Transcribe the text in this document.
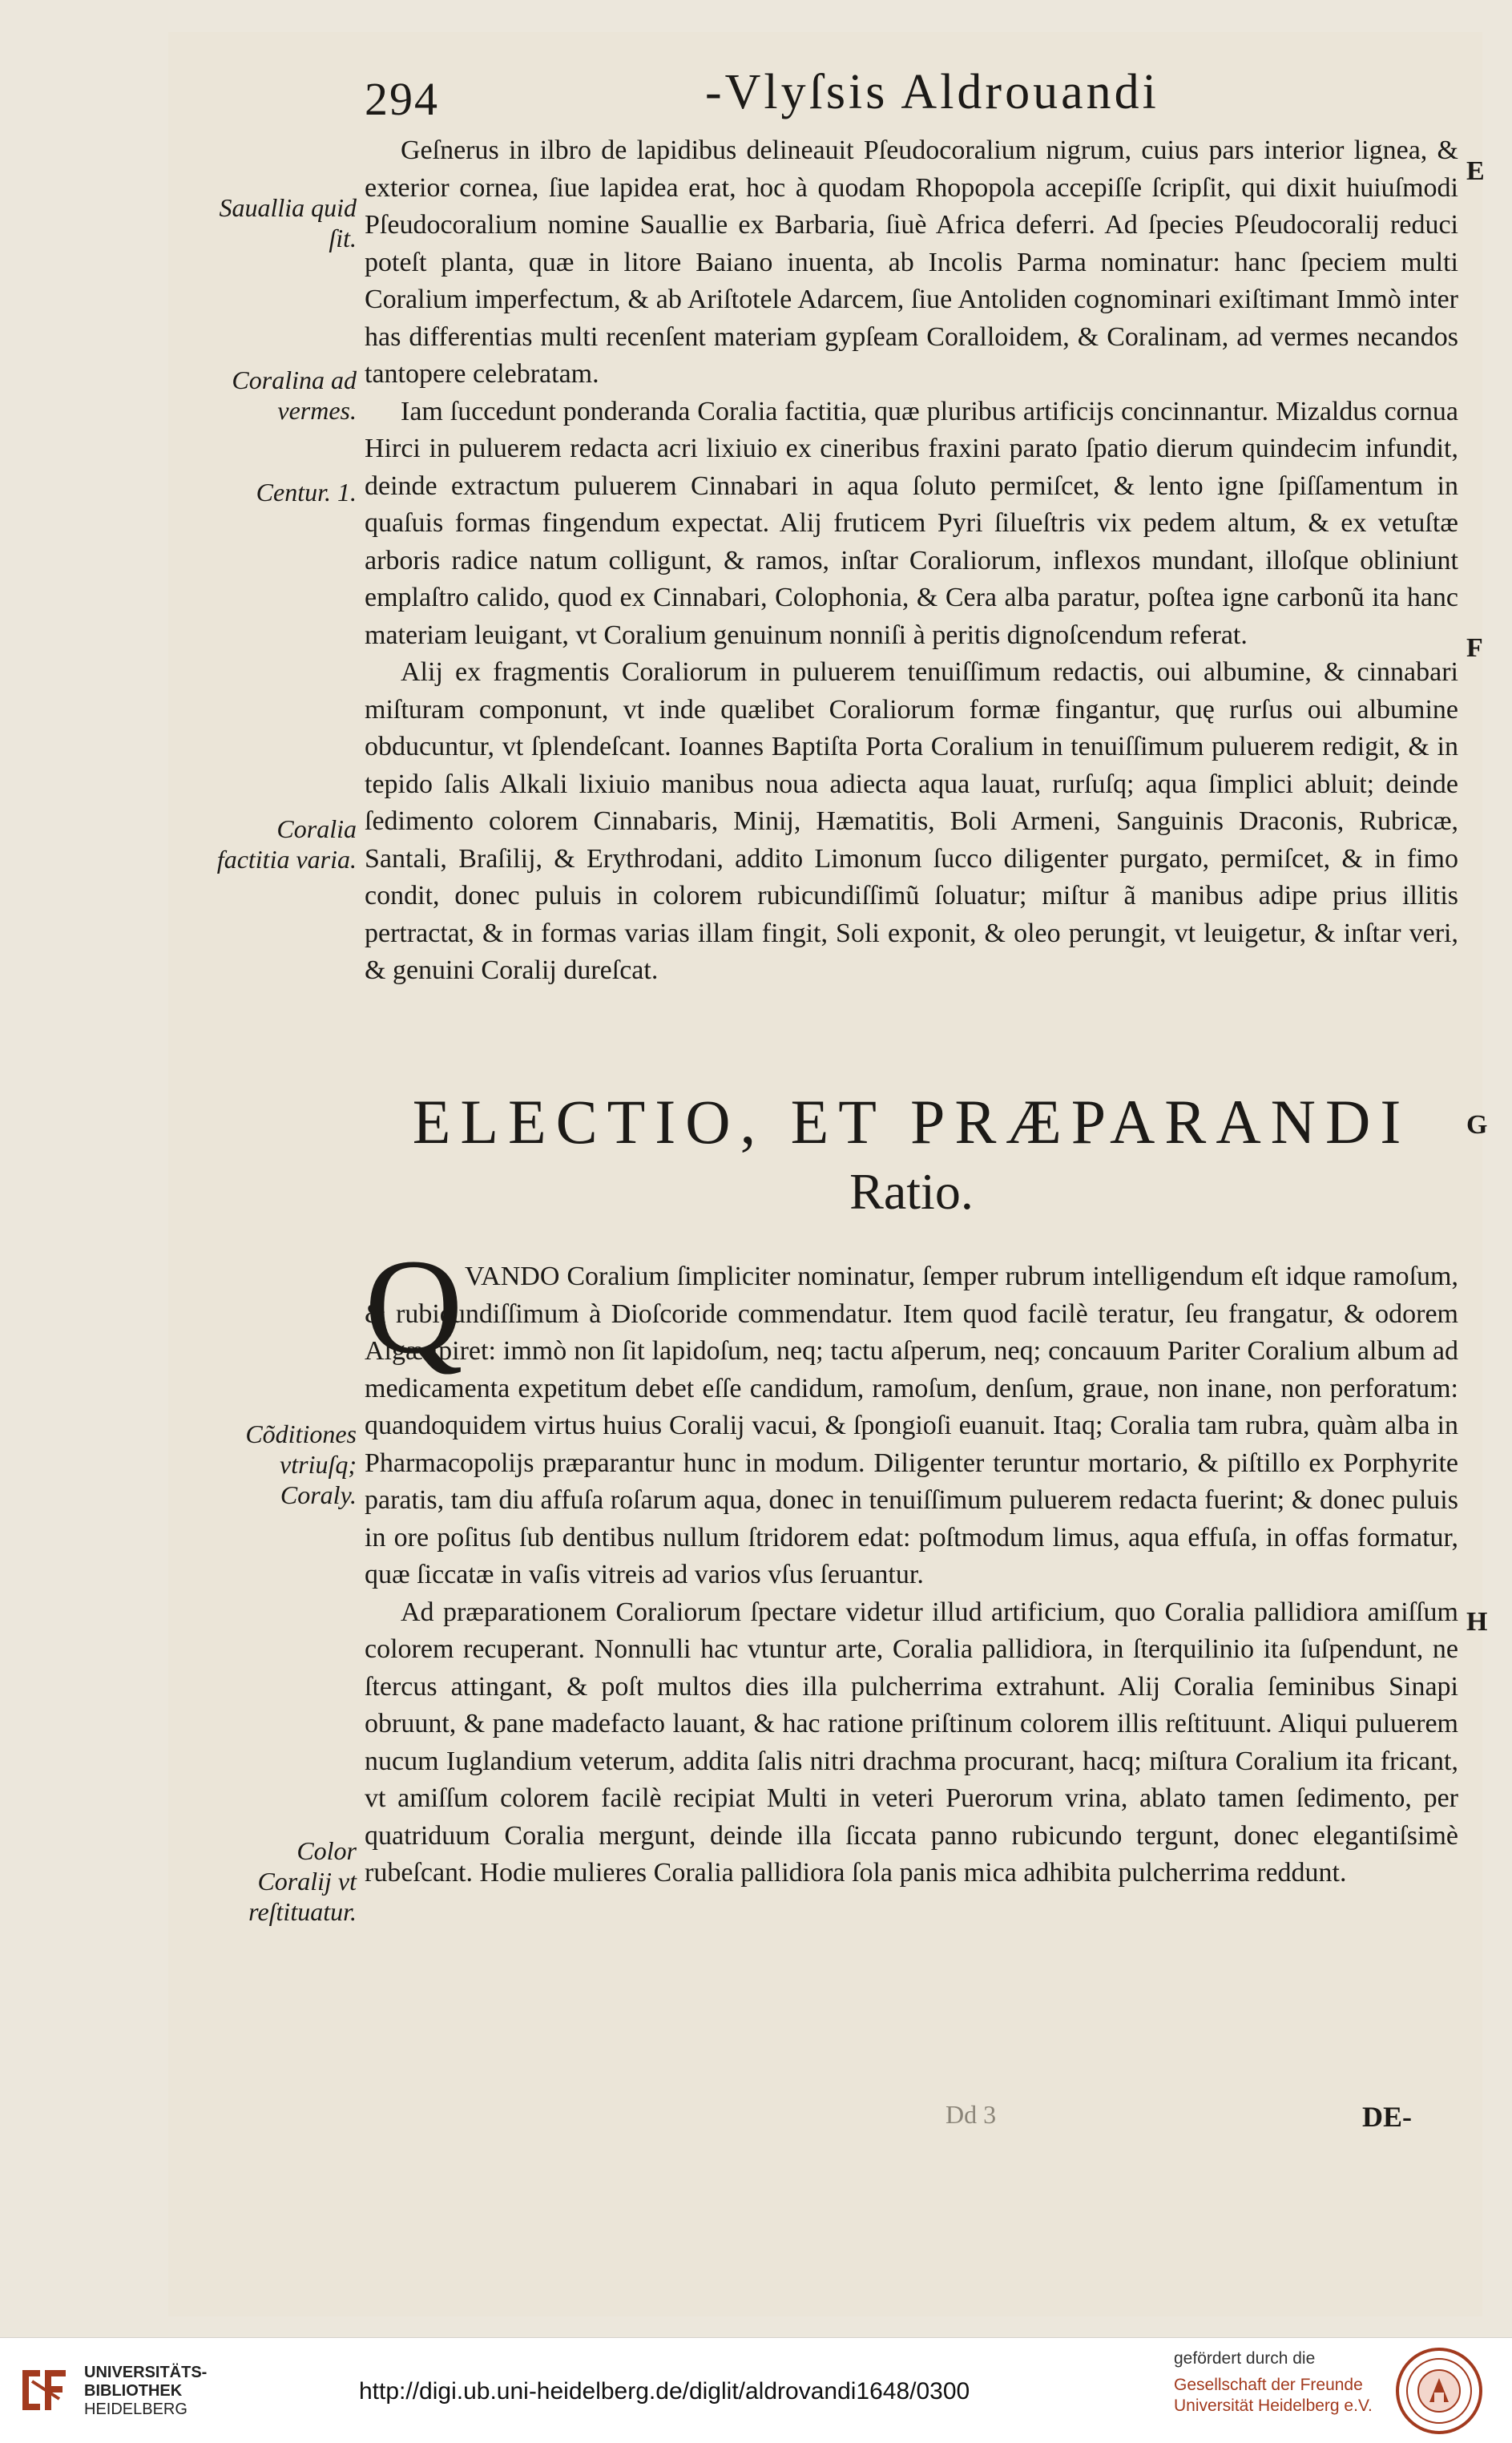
294	-Vlyſsis Aldrouandi
Sauallia quid ſit.
Coralina ad vermes.
Centur. 1.
Coralia factitia varia.
Cõditiones vtriuſq; Coraly.
Color Coralij vt reſtituatur.
E
F
G
H

Geſnerus in ilbro de lapidibus delineauit Pſeudocoralium nigrum, cuius pars interior lignea, & exterior cornea, ſiue lapidea erat, hoc à quodam Rhopopola accepiſſe ſcripſit, qui dixit huiuſmodi Pſeudocoralium nomine Sauallie ex Barbaria, ſiuè Africa deferri. Ad ſpecies Pſeudocoralij reduci poteſt planta, quæ in litore Baiano inuenta, ab Incolis Parma nominatur: hanc ſpeciem multi Coralium imperfectum, & ab Ariſtotele Adarcem, ſiue Antoliden cognominari exiſtimant Immò inter has differentias multi recenſent materiam gypſeam Coralloidem, & Coralinam, ad vermes necandos tantopere celebratam.

Iam ſuccedunt ponderanda Coralia factitia, quæ pluribus artificijs concinnantur. Mizaldus cornua Hirci in puluerem redacta acri lixiuio ex cineribus fraxini parato ſpatio dierum quindecim infundit, deinde extractum puluerem Cinnabari in aqua ſoluto permiſcet, & lento igne ſpiſſamentum in quaſuis formas fingendum expectat. Alij fruticem Pyri ſilueſtris vix pedem altum, & ex vetuſtæ arboris radice natum colligunt, & ramos, inſtar Coraliorum, inflexos mundant, illoſque obliniunt emplaſtro calido, quod ex Cinnabari, Colophonia, & Cera alba paratur, poſtea igne carbonũ ita hanc materiam leuigant, vt Coralium genuinum nonniſi à peritis dignoſcendum referat.

Alij ex fragmentis Coraliorum in puluerem tenuiſſimum redactis, oui albumine, & cinnabari miſturam componunt, vt inde quælibet Coraliorum formæ fingantur, quę rurſus oui albumine obducuntur, vt ſplendeſcant. Ioannes Baptiſta Porta Coralium in tenuiſſimum puluerem redigit, & in tepido ſalis Alkali lixiuio manibus noua adiecta aqua lauat, rurſuſq; aqua ſimplici abluit; deinde ſedimento colorem Cinnabaris, Minij, Hæmatitis, Boli Armeni, Sanguinis Draconis, Rubricæ, Santali, Braſilij, & Erythrodani, addito Limonum ſucco diligenter purgato, permiſcet, & in fimo condit, donec puluis in colorem rubicundiſſimũ ſoluatur; miſtur ã manibus adipe prius illitis pertractat, & in formas varias illam fingit, Soli exponit, & oleo perungit, vt leuigetur, & inſtar veri, & genuini Coralij dureſcat.

ELECTIO, ET PRÆPARANDI
Ratio.
Q VANDO Coralium ſimpliciter nominatur, ſemper rubrum intelligendum eſt idque ramoſum, & rubicundiſſimum à Dioſcoride commendatur. Item quod facilè teratur, ſeu frangatur, & odorem Algæ ſpiret: immò non ſit lapidoſum, neq; tactu aſperum, neq; concauum Pariter Coralium album ad medicamenta expetitum debet eſſe candidum, ramoſum, denſum, graue, non inane, non perforatum: quandoquidem virtus huius Coralij vacui, & ſpongioſi euanuit. Itaq; Coralia tam rubra, quàm alba in Pharmacopolijs præparantur hunc in modum. Diligenter teruntur mortario, & piſtillo ex Porphyrite paratis, tam diu affuſa roſarum aqua, donec in tenuiſſimum puluerem redacta fuerint; & donec puluis in ore poſitus ſub dentibus nullum ſtridorem edat: poſtmodum limus, aqua effuſa, in offas formatur, quæ ſiccatæ in vaſis vitreis ad varios vſus ſeruantur.

Ad præparationem Coraliorum ſpectare videtur illud artificium, quo Coralia pallidiora amiſſum colorem recuperant. Nonnulli hac vtuntur arte, Coralia pallidiora, in ſterquilinio ita ſuſpendunt, ne ſtercus attingant, & poſt multos dies illa pulcherrima extrahunt. Alij Coralia ſeminibus Sinapi obruunt, & pane madefacto lauant, & hac ratione priſtinum colorem illis reſtituunt. Aliqui puluerem nucum Iuglandium veterum, addita ſalis nitri drachma procurant, hacq; miſtura Coralium ita fricant, vt amiſſum colorem facilè recipiat Multi in veteri Puerorum vrina, ablato tamen ſedimento, per quatriduum Coralia mergunt, deinde illa ſiccata panno rubicundo tergunt, donec elegantiſsimè rubeſcant. Hodie mulieres Coralia pallidiora ſola panis mica adhibita pulcherrima reddunt.

Dd 3	DE-
UNIVERSITÄTS-
BIBLIOTHEK
HEIDELBERG
http://digi.ub.uni-heidelberg.de/diglit/aldrovandi1648/0300
gefördert durch die
Gesellschaft der Freunde
Universität Heidelberg e.V.
